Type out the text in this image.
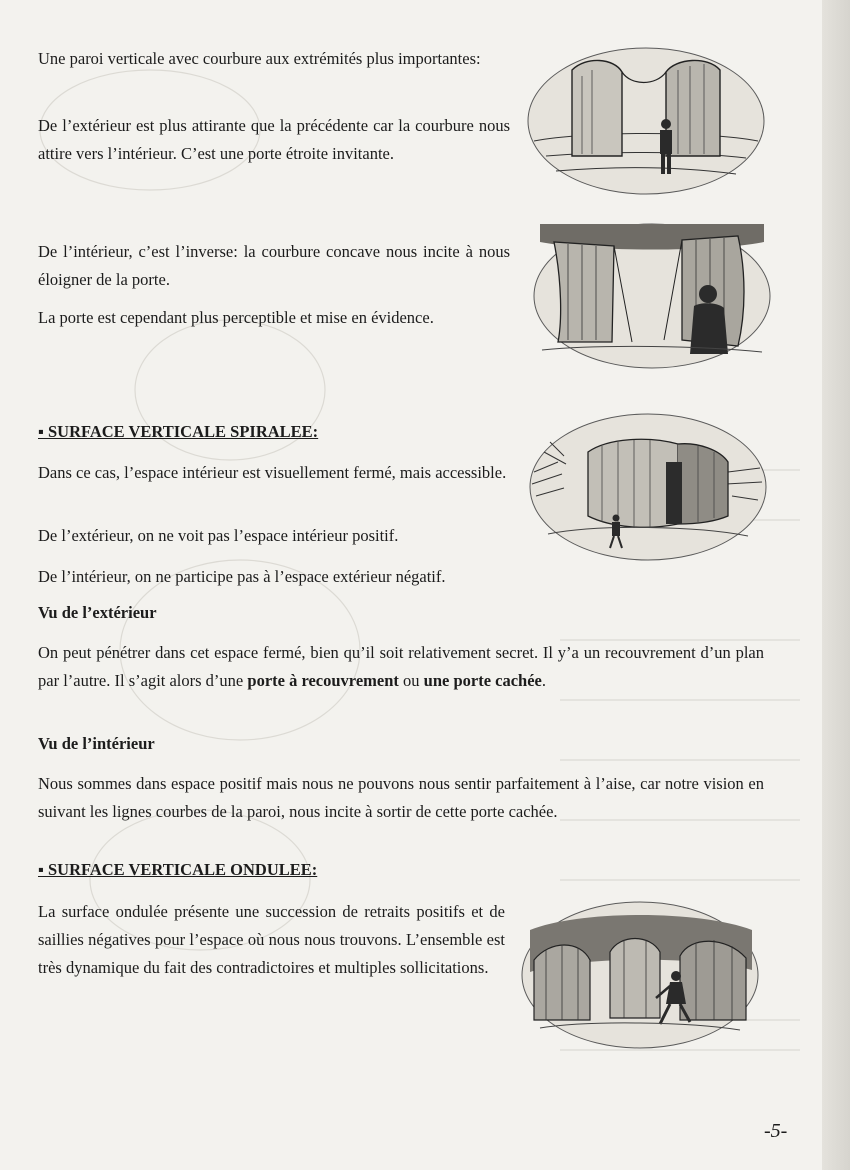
Une paroi verticale avec courbure aux extrémités plus importantes:

De l’extérieur est plus attirante que la précédente car la courbure nous attire vers l’intérieur. C’est une porte étroite invitante.

De l’intérieur, c’est l’inverse: la courbure concave nous incite à nous éloigner de la porte.

La porte est cependant plus perceptible et mise en évidence.

▪ SURFACE VERTICALE SPIRALEE:

Dans ce cas, l’espace intérieur est visuellement fermé, mais accessible.

De l’extérieur, on ne voit pas l’espace intérieur positif.

De l’intérieur, on ne participe pas à l’espace extérieur négatif.

Vu de l’extérieur

On peut pénétrer dans cet espace fermé, bien qu’il soit relativement secret. Il y’a un recouvrement d’un plan par l’autre. Il s’agit alors d’une porte à recouvrement ou une porte cachée.

Vu de l’intérieur

Nous sommes dans espace positif mais nous ne pouvons nous sentir parfaitement à l’aise, car notre vision en suivant les lignes courbes de la paroi, nous incite à sortir de cette porte cachée.

▪ SURFACE VERTICALE ONDULEE:

La surface ondulée présente une succession de retraits positifs et de saillies négatives pour l’espace où nous nous trouvons. L’ensemble est très dynamique du fait des contradictoires et multiples sollicitations.

-5-
